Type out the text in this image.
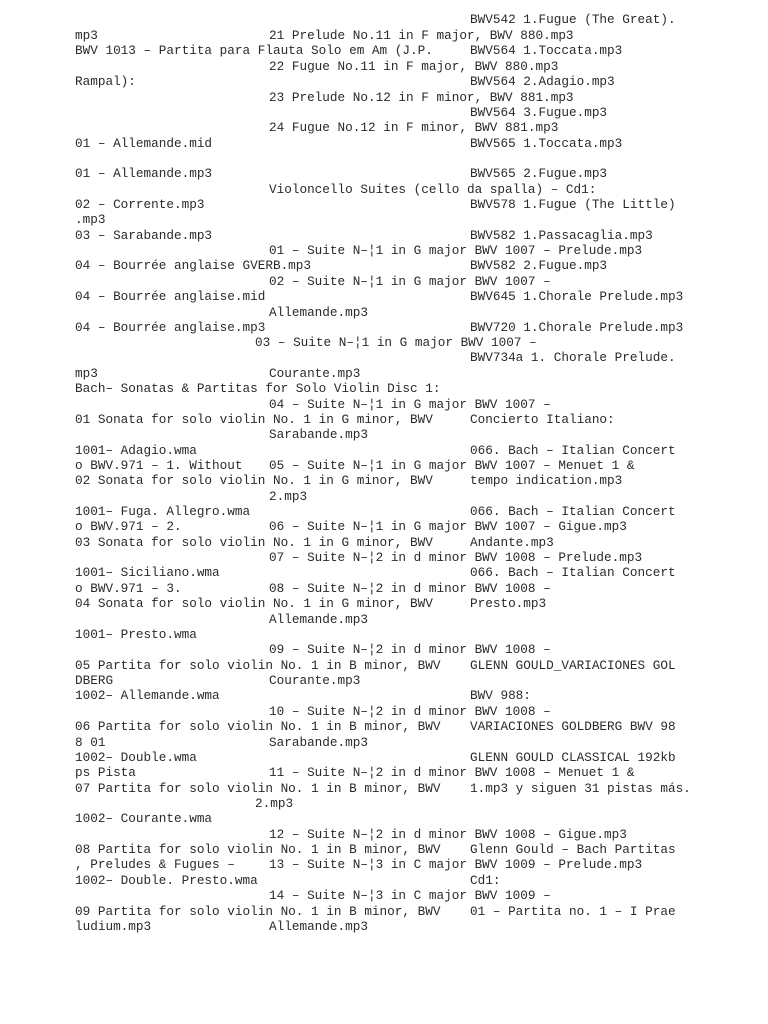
BWV542 1.Fugue (The Great).
mp3	21 Prelude No.11 in F major, BWV 880.mp3
BWV 1013 – Partita para Flauta Solo em Am (J.P.	BWV564 1.Toccata.mp3
22 Fugue No.11 in F major, BWV 880.mp3
Rampal):	BWV564 2.Adagio.mp3
23 Prelude No.12 in F minor, BWV 881.mp3
BWV564 3.Fugue.mp3
24 Fugue No.12 in F minor, BWV 881.mp3
01 – Allemande.mid	BWV565 1.Toccata.mp3
01 – Allemande.mp3	BWV565 2.Fugue.mp3
Violoncello Suites (cello da spalla) – Cd1:
02 – Corrente.mp3	BWV578 1.Fugue (The Little)
.mp3
03 – Sarabande.mp3	BWV582 1.Passacaglia.mp3
01 – Suite N–¦1 in G major BWV 1007 – Prelude.mp3
04 – Bourrée anglaise GVERB.mp3	BWV582 2.Fugue.mp3
02 – Suite N–¦1 in G major BWV 1007 –
04 – Bourrée anglaise.mid	BWV645 1.Chorale Prelude.mp3
Allemande.mp3
04 – Bourrée anglaise.mp3	BWV720 1.Chorale Prelude.mp3
03 – Suite N–¦1 in G major BWV 1007 –
BWV734a 1. Chorale Prelude.
mp3	Courante.mp3
Bach– Sonatas & Partitas for Solo Violin Disc 1:
04 – Suite N–¦1 in G major BWV 1007 –
01 Sonata for solo violin No. 1 in G minor, BWV	Concierto Italiano:
Sarabande.mp3
1001– Adagio.wma	066. Bach – Italian Concert
o BWV.971 – 1. Without 05 – Suite N–¦1 in G major BWV 1007 – Menuet 1 &
02 Sonata for solo violin No. 1 in G minor, BWV	tempo indication.mp3
2.mp3
1001– Fuga. Allegro.wma	066. Bach – Italian Concert
o BWV.971 – 2.	06 – Suite N–¦1 in G major BWV 1007 – Gigue.mp3
03 Sonata for solo violin No. 1 in G minor, BWV	Andante.mp3
07 – Suite N–¦2 in d minor BWV 1008 – Prelude.mp3
1001– Siciliano.wma	066. Bach – Italian Concert
o BWV.971 – 3.	08 – Suite N–¦2 in d minor BWV 1008 –
04 Sonata for solo violin No. 1 in G minor, BWV	Presto.mp3
Allemande.mp3
1001– Presto.wma
09 – Suite N–¦2 in d minor BWV 1008 –
05 Partita for solo violin No. 1 in B minor, BWV GLENN GOULD_VARIACIONES GOL
DBERG	Courante.mp3
1002– Allemande.wma	BWV 988:
10 – Suite N–¦2 in d minor BWV 1008 –
06 Partita for solo violin No. 1 in B minor, BWV VARIACIONES GOLDBERG BWV 98
8 01	Sarabande.mp3
1002– Double.wma	GLENN GOULD CLASSICAL 192kb
ps Pista	11 – Suite N–¦2 in d minor BWV 1008 – Menuet 1 &
07 Partita for solo violin No. 1 in B minor, BWV 1.mp3 y siguen 31 pistas más.
2.mp3
1002– Courante.wma
12 – Suite N–¦2 in d minor BWV 1008 – Gigue.mp3
08 Partita for solo violin No. 1 in B minor, BWV Glenn Gould – Bach Partitas
, Preludes & Fugues –	13 – Suite N–¦3 in C major BWV 1009 – Prelude.mp3
1002– Double. Presto.wma	Cd1:
14 – Suite N–¦3 in C major BWV 1009 –
09 Partita for solo violin No. 1 in B minor, BWV 01 – Partita no. 1 – I Prae
ludium.mp3	Allemande.mp3
